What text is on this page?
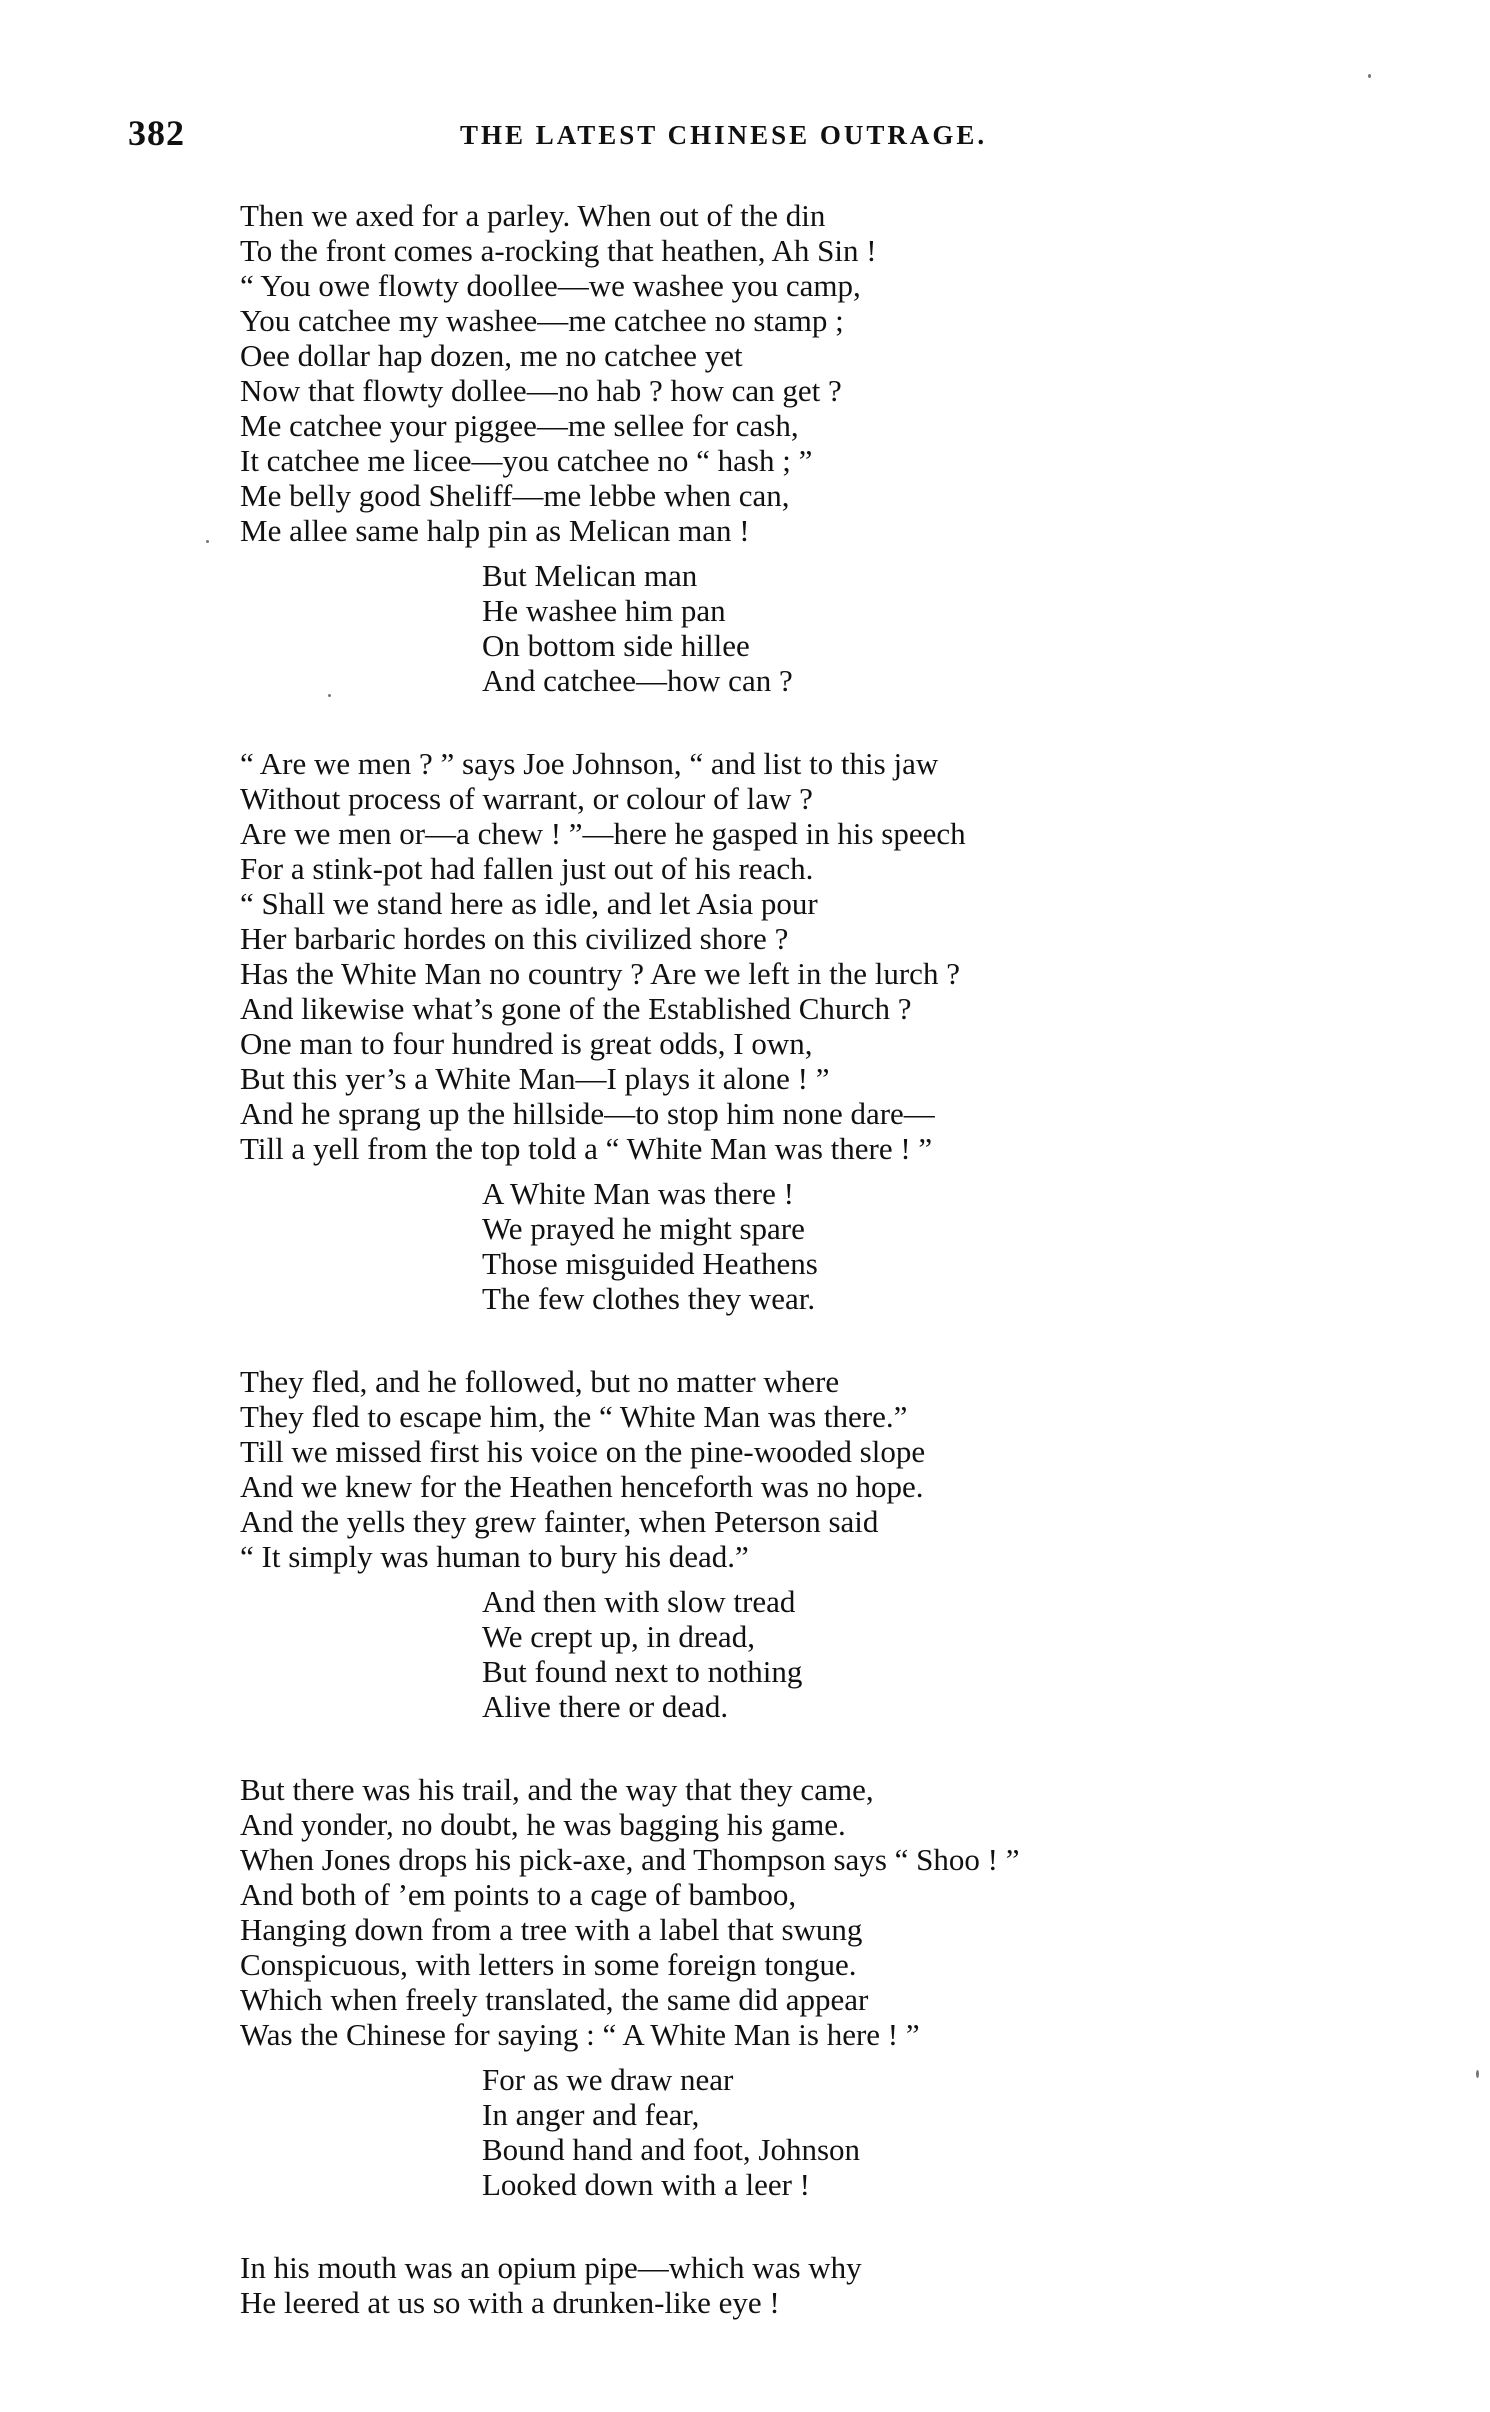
382	THE LATEST CHINESE OUTRAGE.
Then we axed for a parley. When out of the din
To the front comes a-rocking that heathen, Ah Sin !
“ You owe flowty doollee—we washee you camp,
You catchee my washee—me catchee no stamp ;
Oee dollar hap dozen, me no catchee yet
Now that flowty dollee—no hab ? how can get ?
Me catchee your piggee—me sellee for cash,
It catchee me licee—you catchee no “ hash ; ”
Me belly good Sheliff—me lebbe when can,
Me allee same halp pin as Melican man !
But Melican man
He washee him pan
On bottom side hillee
And catchee—how can ?
“ Are we men ? ” says Joe Johnson, “ and list to this jaw
Without process of warrant, or colour of law ?
Are we men or—a chew ! ”—here he gasped in his speech
For a stink-pot had fallen just out of his reach.
“ Shall we stand here as idle, and let Asia pour
Her barbaric hordes on this civilized shore ?
Has the White Man no country ? Are we left in the lurch ?
And likewise what’s gone of the Established Church ?
One man to four hundred is great odds, I own,
But this yer’s a White Man—I plays it alone ! ”
And he sprang up the hillside—to stop him none dare—
Till a yell from the top told a “ White Man was there ! ”
A White Man was there !
We prayed he might spare
Those misguided Heathens
The few clothes they wear.
They fled, and he followed, but no matter where
They fled to escape him, the “ White Man was there.”
Till we missed first his voice on the pine-wooded slope
And we knew for the Heathen henceforth was no hope.
And the yells they grew fainter, when Peterson said
“ It simply was human to bury his dead.”
And then with slow tread
We crept up, in dread,
But found next to nothing
Alive there or dead.
But there was his trail, and the way that they came,
And yonder, no doubt, he was bagging his game.
When Jones drops his pick-axe, and Thompson says “ Shoo ! ”
And both of ’em points to a cage of bamboo,
Hanging down from a tree with a label that swung
Conspicuous, with letters in some foreign tongue.
Which when freely translated, the same did appear
Was the Chinese for saying : “ A White Man is here ! ”
For as we draw near
In anger and fear,
Bound hand and foot, Johnson
Looked down with a leer !
In his mouth was an opium pipe—which was why
He leered at us so with a drunken-like eye !
